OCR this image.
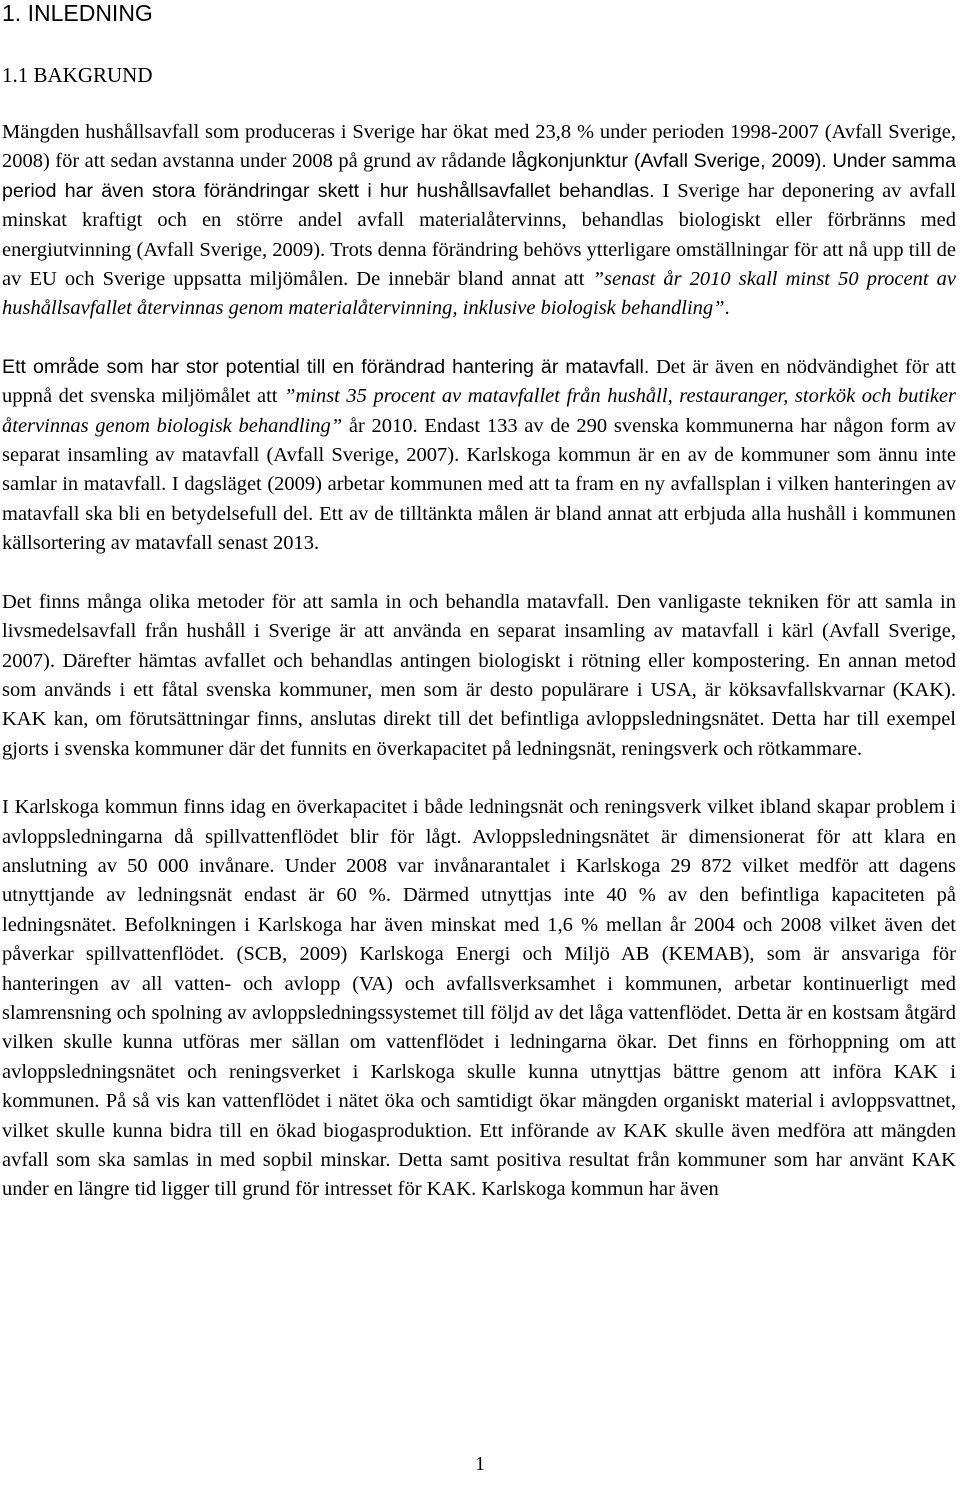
1. INLEDNING
1.1 BAKGRUND

Mängden hushållsavfall som produceras i Sverige har ökat med 23,8 % under perioden 1998-2007 (Avfall Sverige, 2008) för att sedan avstanna under 2008 på grund av rådande lågkonjunktur (Avfall Sverige, 2009). Under samma period har även stora förändringar skett i hur hushållsavfallet behandlas. I Sverige har deponering av avfall minskat kraftigt och en större andel avfall materialåtervinns, behandlas biologiskt eller förbränns med energiutvinning (Avfall Sverige, 2009). Trots denna förändring behövs ytterligare omställningar för att nå upp till de av EU och Sverige uppsatta miljömålen. De innebär bland annat att ”senast år 2010 skall minst 50 procent av hushållsavfallet återvinnas genom materialåtervinning, inklusive biologisk behandling”.

Ett område som har stor potential till en förändrad hantering är matavfall. Det är även en nödvändighet för att uppnå det svenska miljömålet att ”minst 35 procent av matavfallet från hushåll, restauranger, storkök och butiker återvinnas genom biologisk behandling” år 2010. Endast 133 av de 290 svenska kommunerna har någon form av separat insamling av matavfall (Avfall Sverige, 2007). Karlskoga kommun är en av de kommuner som ännu inte samlar in matavfall. I dagsläget (2009) arbetar kommunen med att ta fram en ny avfallsplan i vilken hanteringen av matavfall ska bli en betydelsefull del. Ett av de tilltänkta målen är bland annat att erbjuda alla hushåll i kommunen källsortering av matavfall senast 2013.

Det finns många olika metoder för att samla in och behandla matavfall. Den vanligaste tekniken för att samla in livsmedelsavfall från hushåll i Sverige är att använda en separat insamling av matavfall i kärl (Avfall Sverige, 2007). Därefter hämtas avfallet och behandlas antingen biologiskt i rötning eller kompostering. En annan metod som används i ett fåtal svenska kommuner, men som är desto populärare i USA, är köksavfallskvarnar (KAK). KAK kan, om förutsättningar finns, anslutas direkt till det befintliga avloppsledningsnätet. Detta har till exempel gjorts i svenska kommuner där det funnits en överkapacitet på ledningsnät, reningsverk och rötkammare.

I Karlskoga kommun finns idag en överkapacitet i både ledningsnät och reningsverk vilket ibland skapar problem i avloppsledningarna då spillvattenflödet blir för lågt. Avloppsledningsnätet är dimensionerat för att klara en anslutning av 50 000 invånare. Under 2008 var invånarantalet i Karlskoga 29 872 vilket medför att dagens utnyttjande av ledningsnät endast är 60 %. Därmed utnyttjas inte 40 % av den befintliga kapaciteten på ledningsnätet. Befolkningen i Karlskoga har även minskat med 1,6 % mellan år 2004 och 2008 vilket även det påverkar spillvattenflödet. (SCB, 2009) Karlskoga Energi och Miljö AB (KEMAB), som är ansvariga för hanteringen av all vatten- och avlopp (VA) och avfallsverksamhet i kommunen, arbetar kontinuerligt med slamrensning och spolning av avloppsledningssystemet till följd av det låga vattenflödet. Detta är en kostsam åtgärd vilken skulle kunna utföras mer sällan om vattenflödet i ledningarna ökar. Det finns en förhoppning om att avloppsledningsnätet och reningsverket i Karlskoga skulle kunna utnyttjas bättre genom att införa KAK i kommunen. På så vis kan vattenflödet i nätet öka och samtidigt ökar mängden organiskt material i avloppsvattnet, vilket skulle kunna bidra till en ökad biogasproduktion. Ett införande av KAK skulle även medföra att mängden avfall som ska samlas in med sopbil minskar. Detta samt positiva resultat från kommuner som har använt KAK under en längre tid ligger till grund för intresset för KAK. Karlskoga kommun har även

1
